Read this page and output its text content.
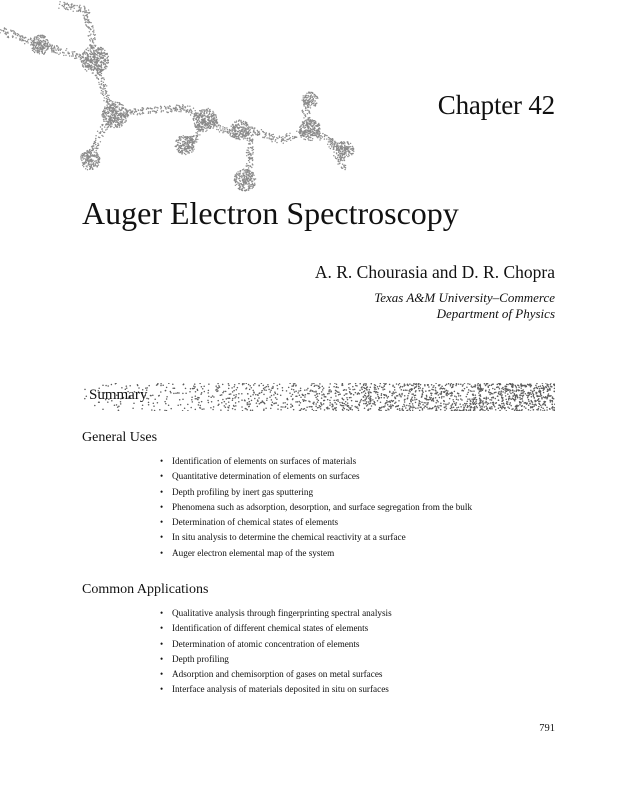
Chapter 42
Auger Electron Spectroscopy
A. R. Chourasia and D. R. Chopra
Texas A&M University–Commerce
Department of Physics
Summary
General Uses
• Identification of elements on surfaces of materials
• Quantitative determination of elements on surfaces
• Depth profiling by inert gas sputtering
• Phenomena such as adsorption, desorption, and surface segregation from the bulk
• Determination of chemical states of elements
• In situ analysis to determine the chemical reactivity at a surface
• Auger electron elemental map of the system
Common Applications
• Qualitative analysis through fingerprinting spectral analysis
• Identification of different chemical states of elements
• Determination of atomic concentration of elements
• Depth profiling
• Adsorption and chemisorption of gases on metal surfaces
• Interface analysis of materials deposited in situ on surfaces
791
